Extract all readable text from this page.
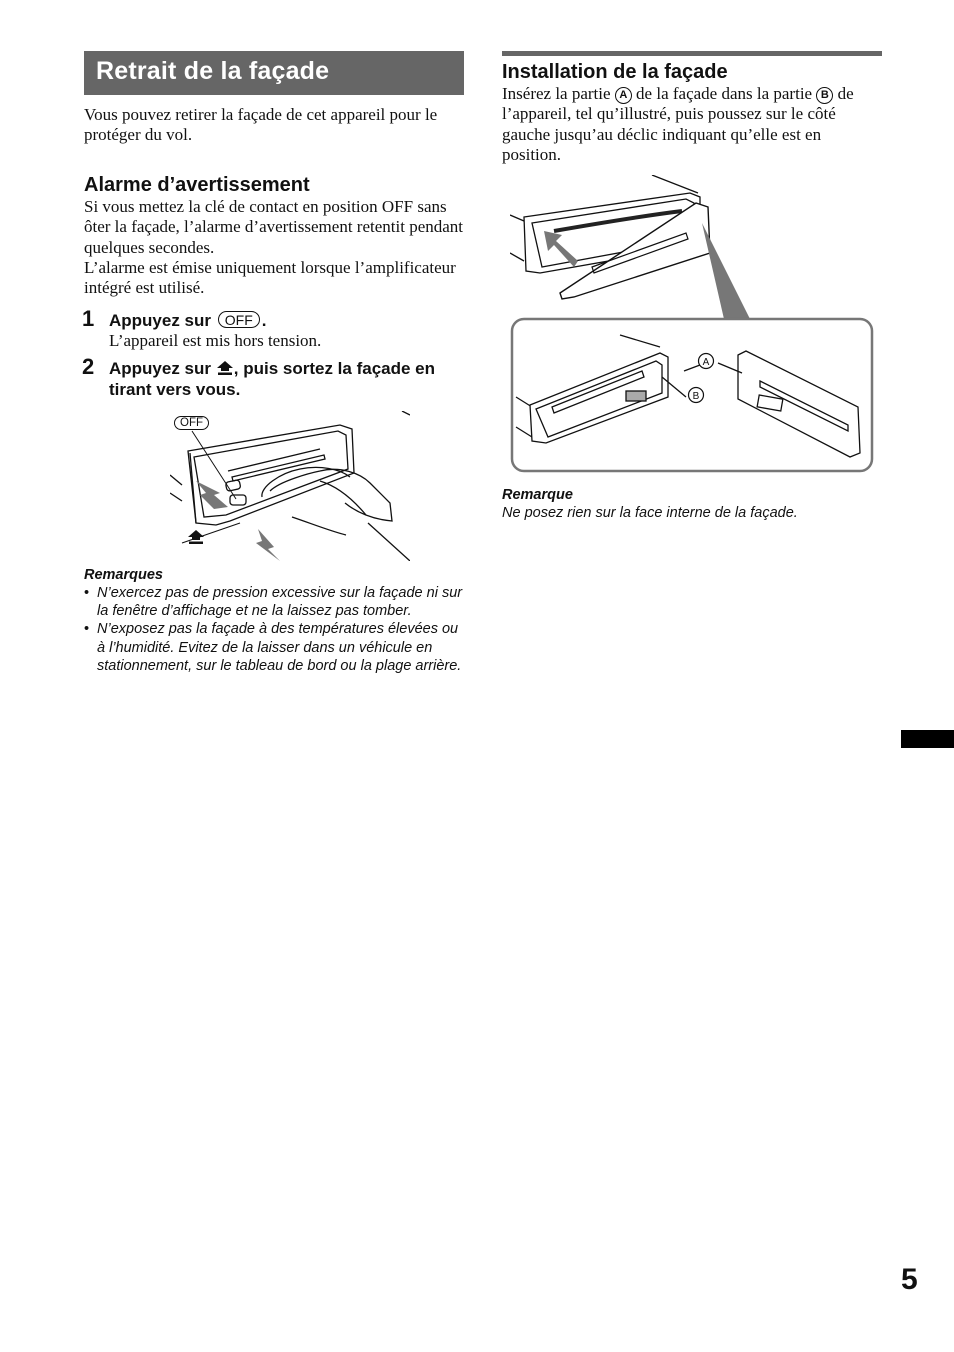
Retrait de la façade

Vous pouvez retirer la façade de cet appareil pour le protéger du vol.

Alarme d’avertissement

Si vous mettez la clé de contact en position OFF sans ôter la façade, l’alarme d’avertissement retentit pendant quelques secondes.

L’alarme est émise uniquement lorsque l’amplificateur intégré est utilisé.

1 Appuyez sur OFF .

L’appareil est mis hors tension.

2 Appuyez sur , puis sortez la façade en tirant vers vous.
OFF
Remarques
• N’exercez pas de pression excessive sur la façade ni sur la fenêtre d’affichage et ne la laissez pas tomber.
• N’exposez pas la façade à des températures élevées ou à l’humidité. Evitez de la laisser dans un véhicule en stationnement, sur le tableau de bord ou la plage arrière.
Installation de la façade

Insérez la partie A de la façade dans la partie B de l’appareil, tel qu’illustré, puis poussez sur le côté gauche jusqu’au déclic indiquant qu’elle est en position.

A
B
Remarque
Ne posez rien sur la face interne de la façade.
5
